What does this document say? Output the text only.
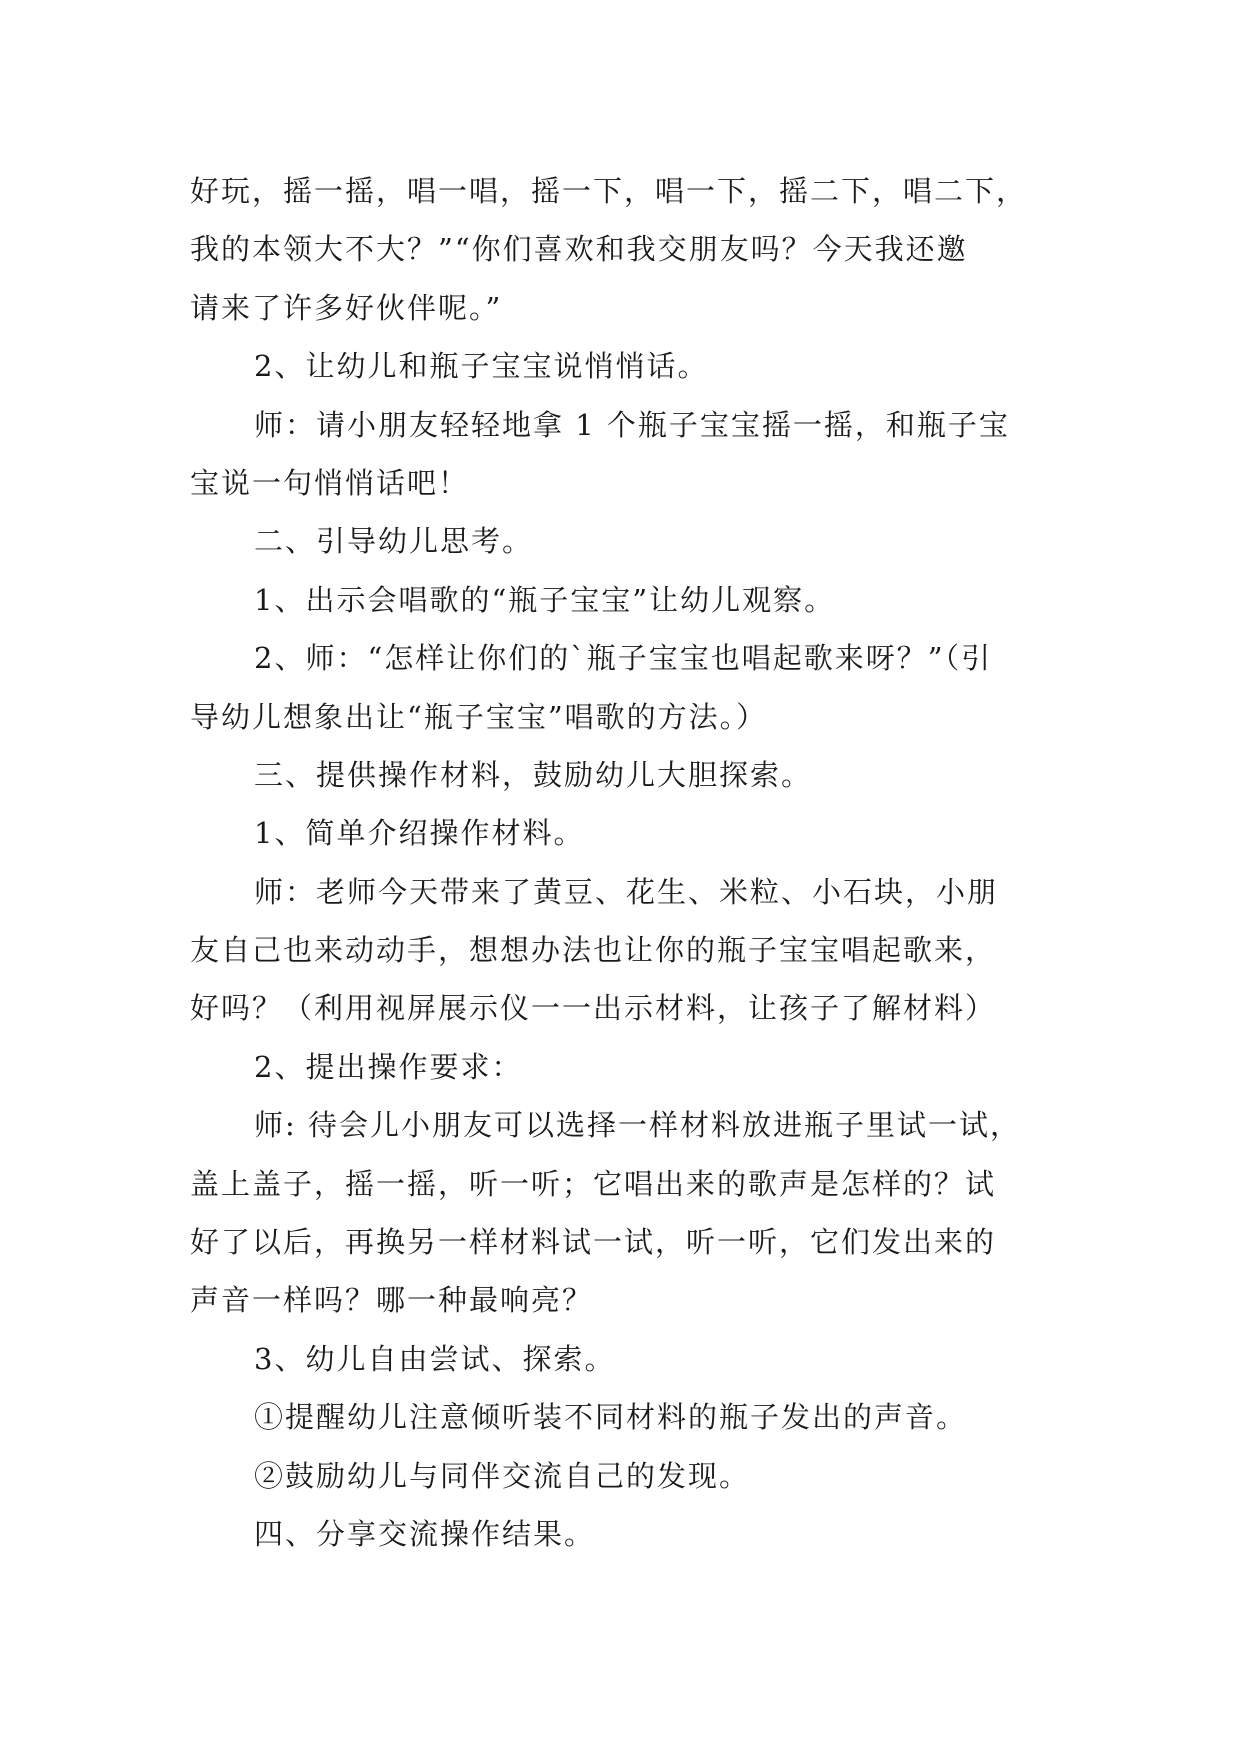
好玩，摇一摇，唱一唱，摇一下，唱一下，摇二下，唱二下，
我的本领大不大？”“你们喜欢和我交朋友吗？今天我还邀
请来了许多好伙伴呢。”
2、让幼儿和瓶子宝宝说悄悄话。
师：请小朋友轻轻地拿 1 个瓶子宝宝摇一摇，和瓶子宝
宝说一句悄悄话吧！
二、引导幼儿思考。
1、出示会唱歌的“瓶子宝宝”让幼儿观察。
2、师：“怎样让你们的`瓶子宝宝也唱起歌来呀？”（引
导幼儿想象出让“瓶子宝宝”唱歌的方法。）
三、提供操作材料，鼓励幼儿大胆探索。
1、简单介绍操作材料。
师：老师今天带来了黄豆、花生、米粒、小石块，小朋
友自己也来动动手，想想办法也让你的瓶子宝宝唱起歌来，
好吗？（利用视屏展示仪一一出示材料，让孩子了解材料）
2、提出操作要求：
师: 待会儿小朋友可以选择一样材料放进瓶子里试一试，
盖上盖子，摇一摇，听一听；它唱出来的歌声是怎样的？试
好了以后，再换另一样材料试一试，听一听，它们发出来的
声音一样吗？哪一种最响亮？
3、幼儿自由尝试、探索。
①提醒幼儿注意倾听装不同材料的瓶子发出的声音。
②鼓励幼儿与同伴交流自己的发现。
四、分享交流操作结果。
